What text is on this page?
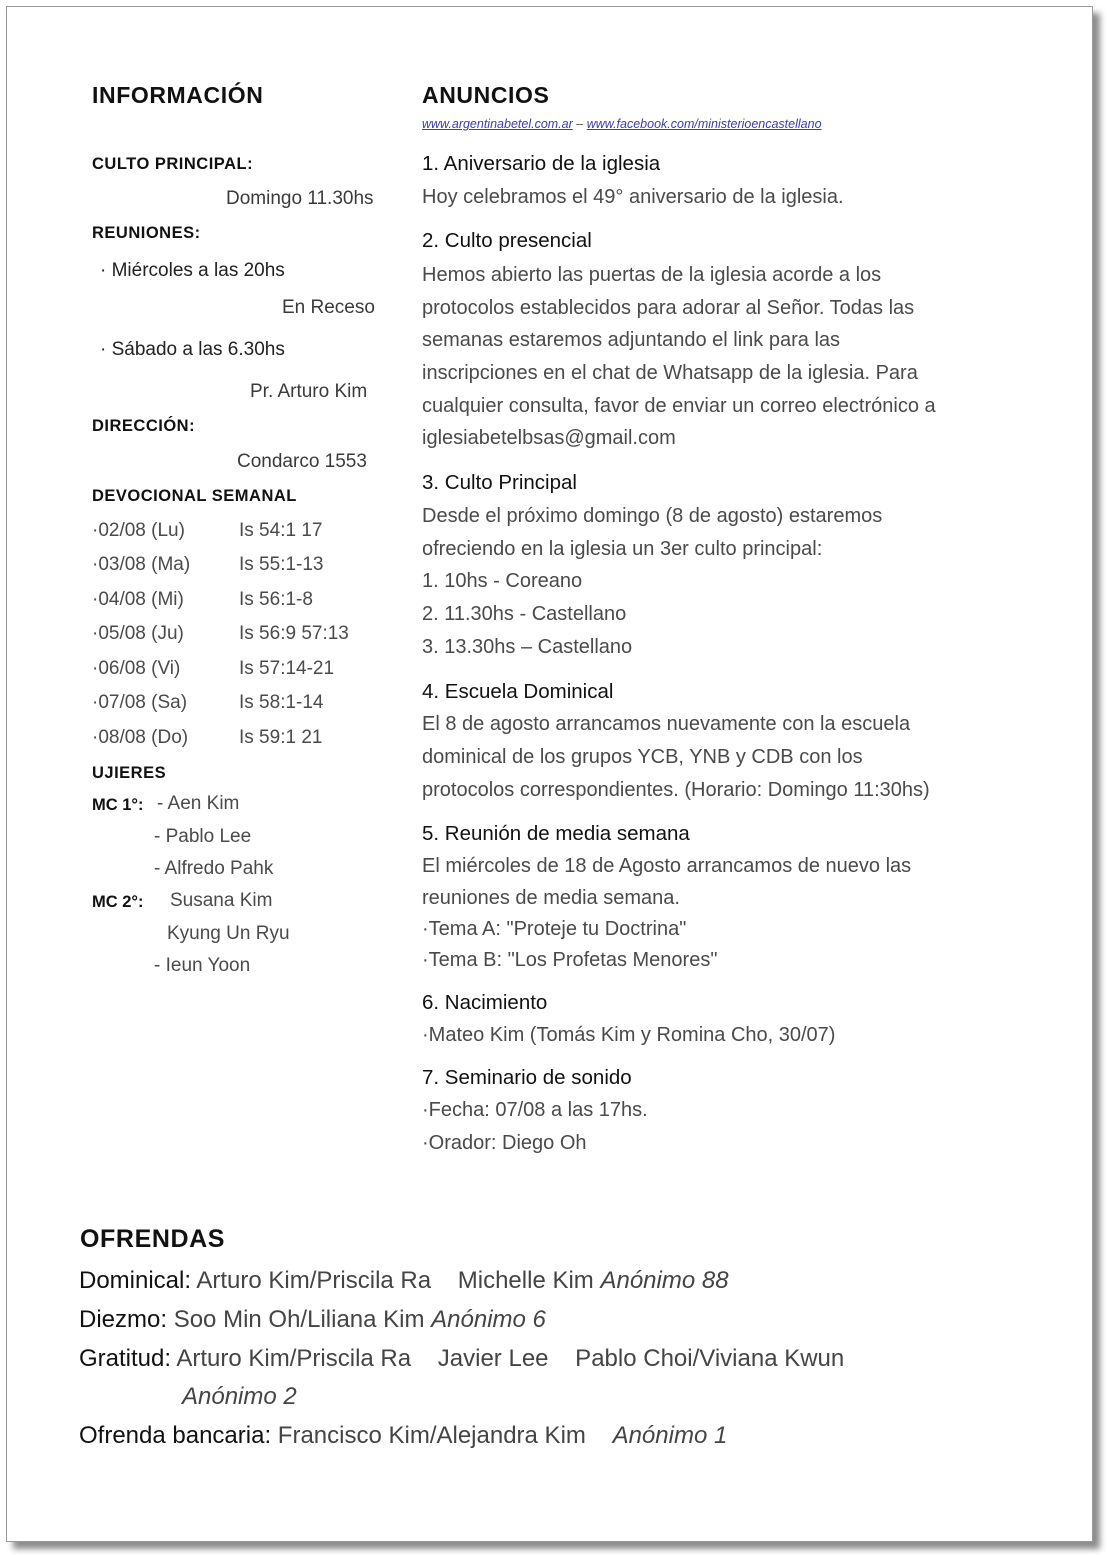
INFORMACIÓN
CULTO PRINCIPAL:
Domingo 11.30hs
REUNIONES:
· Miércoles a las 20hs
En Receso
· Sábado a las 6.30hs
Pr. Arturo Kim
DIRECCIÓN:
Condarco 1553
DEVOCIONAL SEMANAL
·02/08 (Lu)	Is 54:1 17
·03/08 (Ma)	Is 55:1-13
·04/08 (Mi)	Is 56:1-8
·05/08 (Ju)	Is 56:9 57:13
·06/08 (Vi)	Is 57:14-21
·07/08 (Sa)	Is 58:1-14
·08/08 (Do)	Is 59:1 21
UJIERES
MC 1°: - Aen Kim
- Pablo Lee
- Alfredo Pahk
MC 2°: Susana Kim
Kyung Un Ryu
- Ieun Yoon
ANUNCIOS
www.argentinabetel.com.ar – www.facebook.com/ministerioencastellano
1. Aniversario de la iglesia
Hoy celebramos el 49° aniversario de la iglesia.
2. Culto presencial
Hemos abierto las puertas de la iglesia acorde a los
protocolos establecidos para adorar al Señor. Todas las
semanas estaremos adjuntando el link para las
inscripciones en el chat de Whatsapp de la iglesia. Para
cualquier consulta, favor de enviar un correo electrónico a
iglesiabetelbsas@gmail.com
3. Culto Principal
Desde el próximo domingo (8 de agosto) estaremos
ofreciendo en la iglesia un 3er culto principal:
1. 10hs - Coreano
2. 11.30hs - Castellano
3. 13.30hs – Castellano
4. Escuela Dominical
El 8 de agosto arrancamos nuevamente con la escuela
dominical de los grupos YCB, YNB y CDB con los
protocolos correspondientes. (Horario: Domingo 11:30hs)
5. Reunión de media semana
El miércoles de 18 de Agosto arrancamos de nuevo las
reuniones de media semana.
·Tema A: "Proteje tu Doctrina"
·Tema B: "Los Profetas Menores"
6. Nacimiento
·Mateo Kim (Tomás Kim y Romina Cho, 30/07)
7. Seminario de sonido
·Fecha: 07/08 a las 17hs.
·Orador: Diego Oh
OFRENDAS
Dominical: Arturo Kim/Priscila Ra    Michelle Kim Anónimo 88
Diezmo: Soo Min Oh/Liliana Kim Anónimo 6
Gratitud: Arturo Kim/Priscila Ra    Javier Lee    Pablo Choi/Viviana Kwun
Anónimo 2
Ofrenda bancaria: Francisco Kim/Alejandra Kim    Anónimo 1
